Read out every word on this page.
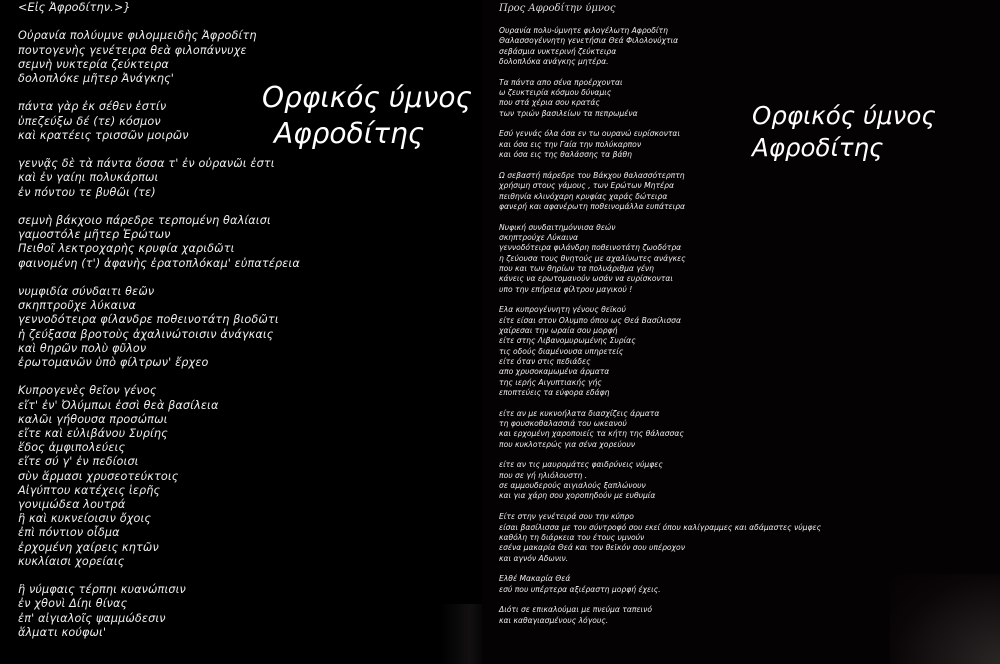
<Εἰς Ἀφροδίτην.>}
Οὐρανία πολύυμνε φιλομμειδὴς Ἀφροδίτη
ποντογενὴς γενέτειρα θεὰ φιλοπάννυχε
σεμνὴ νυκτερία ζεύκτειρα
δολοπλόκε μῆτερ Ἀνάγκης'
πάντα γὰρ ἐκ σέθεν ἐστίν
ὑπεζεύξω δέ (τε) κόσμον
καὶ κρατέεις τρισσῶν μοιρῶν
γεννᾷς δὲ τὰ πάντα ὅσσα τ' ἐν οὐρανῶι ἐστι
καὶ ἐν γαίηι πολυκάρπωι
ἐν πόντου τε βυθῶι (τε)
σεμνὴ βάκχοιο πάρεδρε τερπομένη θαλίαισι
γαμοστόλε μῆτερ Ἐρώτων
Πειθοῖ λεκτροχαρὴς κρυφία χαριδῶτι
φαινομένη (τ') ἀφανὴς ἐρατοπλόκαμ' εὐπατέρεια
νυμφιδία σύνδαιτι θεῶν
σκηπτροῦχε λύκαινα
γεννοδότειρα φίλανδρε ποθεινοτάτη βιοδῶτι
ἡ ζεύξασα βροτοὺς ἀχαλινώτοισιν ἀνάγκαις
καὶ θηρῶν πολὺ φῦλον
ἐρωτομανῶν ὑπὸ φίλτρων' ἔρχεο
Κυπρογενὲς θεῖον γένος
εἴτ' ἐν' Ὀλύμπωι ἐσσὶ θεὰ βασίλεια
καλῶι γήθουσα προσώπωι
εἴτε καὶ εὐλιβάνου Συρίης
ἕδος ἀμφιπολεύεις
εἴτε σύ γ' ἐν πεδίοισι
σὺν ἅρμασι χρυσεοτεύκτοις
Αἰγύπτου κατέχεις ἱερῆς
γονιμώδεα λουτρά
ἢ καὶ κυκνείοισιν ὄχοις
ἐπὶ πόντιον οἶδμα
ἐρχομένη χαίρεις κητῶν
κυκλίαισι χορείαις
ἢ νύμφαις τέρπηι κυανώπισιν
ἐν χθονὶ Δίηι θίνας
ἐπ' αἰγιαλοῖς ψαμμώδεσιν
ἅλματι κούφωι'
Ορφικός ύμνος
Αφροδίτης
Προς Αφροδίτην ύμνος
Ουρανία πολυ-ύμνητε φιλογέλωτη Αφροδίτη
Θαλασσογέννητη γενετήσια Θεά Φιλολονύχτια
σεβάσμια νυκτερινή ζεύκτειρα
δολοπλόκα ανάγκης μητέρα.
Τα πάντα απο σένα προέρχονται
ω ζευκτειρία κόσμου δύναμις
που στά χέρια σου κρατάς
των τριών βασιλείων τα πεπρωμένα
Εσύ γεννάς όλα όσα εν τω ουρανώ ευρίσκονται
και όσα εις την Γαία την πολύκαρπον
και όσα εις της θαλάσσης τα βάθη
Ω σεβαστή πάρεδρε του Βάκχου θαλασσότερπτη
χρήσιμη στους γάμους , των Ερώτων Μητέρα
πειθηνία κλινόχαρη κρυφίας χαράς δώτειρα
φανερή και αφανέρωτη ποθεινομάλλα ευπάτειρα
Νυφική συνδαιτημόννισα θεών
σκηπτρούχε Λύκαινα
γεννοδότειρα φιλάνδρη ποθεινοτάτη ζωοδότρα
η ζεύουσα τους θνητούς με αχαλίνωτες ανάγκες
που και των θηρίων τα πολυάριθμα γένη
κάνεις να ερωτομανούν ωσάν να ευρίσκονται
υπο την επήρεια φίλτρου μαγικού !
Ελα κυπρογέννητη γένους θεϊκού
είτε είσαι στον Ολυμπο όπου ως Θεά Βασίλισσα
χαίρεσαι την ωραία σου μορφή
είτε στης Λιβανομυρωμένης Συρίας
τις οδούς διαμένουσα υπηρετείς
είτε όταν στις πεδιάδες
απο χρυσοκαμωμένα άρματα
της ιερής Αιγυπτιακής γής
εποπτεύεις τα εύφορα εδάφη
είτε αν με κυκνοήλατα διασχίζεις άρματα
τη φουσκοθαλασσιά του ωκεανού
και ερχομένη χαροποιείς τα κήτη της θάλασσας
που κυκλοτερώς για σένα χορεύουν
είτε αν τις μαυρομάτες φαιδρύνεις νύμφες
που σε γή ηλιόλουστη .
σε αμμουδερούς αιγιαλούς ξαπλώνουν
και για χάρη σου χοροπηδούν με ευθυμία
Είτε στην γενέτειρά σου την κύπρο
είσαι βασίλισσα με τον σύντροφό σου εκεί όπου καλίγραμμες και αδάμαστες νύμφες
καθόλη τη διάρκεια του έτους υμνούν
εσένα μακαρία Θεά και τον θεϊκόν σου υπέροχον
και αγνόν Αδωνιν.
Ελθέ Μακαρία Θεά
εσύ που υπέρτερα αξιέραστη μορφή έχεις.
Διότι σε επικαλούμαι με πνεύμα ταπεινό
και καθαγιασμένους λόγους.
Ορφικός ύμνος
Αφροδίτης
